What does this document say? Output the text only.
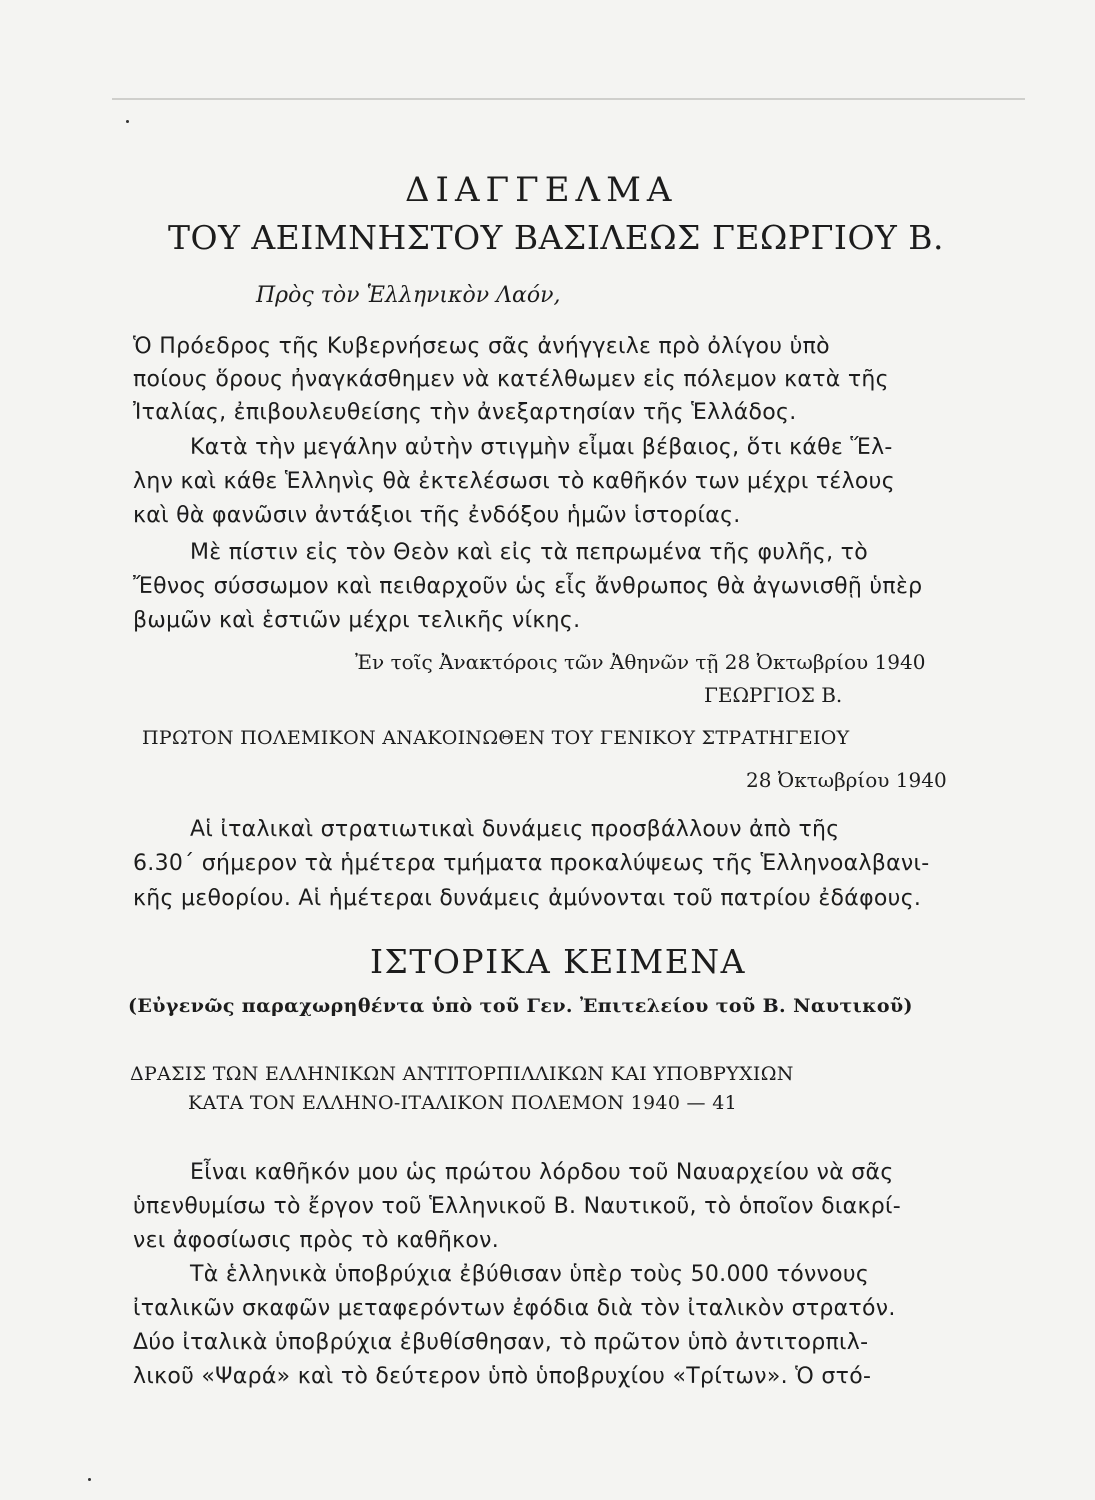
ΔΙΑΓΓΕΛΜΑ
ΤΟΥ ΑΕΙΜΝΗΣΤΟΥ ΒΑΣΙΛΕΩΣ ΓΕΩΡΓΙΟΥ Β.
Πρὸς τὸν Ἑλληνικὸν Λαόν,
Ὁ Πρόεδρος τῆς Κυβερνήσεως σᾶς ἀνήγγειλε πρὸ ὀλίγου ὑπὸ
ποίους ὅρους ἠναγκάσθημεν νὰ κατέλθωμεν εἰς πόλεμον κατὰ τῆς
Ἰταλίας, ἐπιβουλευθείσης τὴν ἀνεξαρτησίαν τῆς Ἑλλάδος.
Κατὰ τὴν μεγάλην αὐτὴν στιγμὴν εἶμαι βέβαιος, ὅτι κάθε Ἕλ-
λην καὶ κάθε Ἑλληνὶς θὰ ἐκτελέσωσι τὸ καθῆκόν των μέχρι τέλους
καὶ θὰ φανῶσιν ἀντάξιοι τῆς ἐνδόξου ἡμῶν ἱστορίας.
Μὲ πίστιν εἰς τὸν Θεὸν καὶ εἰς τὰ πεπρωμένα τῆς φυλῆς, τὸ
Ἔθνος σύσσωμον καὶ πειθαρχοῦν ὡς εἷς ἄνθρωπος θὰ ἀγωνισθῇ ὑπὲρ
βωμῶν καὶ ἑστιῶν μέχρι τελικῆς νίκης.
Ἐν τοῖς Ἀνακτόροις τῶν Ἀθηνῶν τῇ 28 Ὀκτωβρίου 1940
ΓΕΩΡΓΙΟΣ Β.
ΠΡΩΤΟΝ ΠΟΛΕΜΙΚΟΝ ΑΝΑΚΟΙΝΩΘΕΝ ΤΟΥ ΓΕΝΙΚΟΥ ΣΤΡΑΤΗΓΕΙΟΥ
28 Ὀκτωβρίου 1940
Αἱ ἰταλικαὶ στρατιωτικαὶ δυνάμεις προσβάλλουν ἀπὸ τῆς
6.30΄ σήμερον τὰ ἡμέτερα τμήματα προκαλύψεως τῆς Ἑλληνοαλβανι-
κῆς μεθορίου. Αἱ ἡμέτεραι δυνάμεις ἀμύνονται τοῦ πατρίου ἐδάφους.
ΙΣΤΟΡΙΚΑ ΚΕΙΜΕΝΑ
(Εὐγενῶς παραχωρηθέντα ὑπὸ τοῦ Γεν. Ἐπιτελείου τοῦ Β. Ναυτικοῦ)
ΔΡΑΣΙΣ ΤΩΝ ΕΛΛΗΝΙΚΩΝ ΑΝΤΙΤΟΡΠΙΛΛΙΚΩΝ ΚΑΙ ΥΠΟΒΡΥΧΙΩΝ
ΚΑΤΑ ΤΟΝ ΕΛΛΗΝΟ-ΙΤΑΛΙΚΟΝ ΠΟΛΕΜΟΝ 1940 — 41
Εἶναι καθῆκόν μου ὡς πρώτου λόρδου τοῦ Ναυαρχείου νὰ σᾶς
ὑπενθυμίσω τὸ ἔργον τοῦ Ἑλληνικοῦ Β. Ναυτικοῦ, τὸ ὁποῖον διακρί-
νει ἀφοσίωσις πρὸς τὸ καθῆκον.
Τὰ ἑλληνικὰ ὑποβρύχια ἐβύθισαν ὑπὲρ τοὺς 50.000 τόννους
ἰταλικῶν σκαφῶν μεταφερόντων ἐφόδια διὰ τὸν ἰταλικὸν στρατόν.
Δύο ἰταλικὰ ὑποβρύχια ἐβυθίσθησαν, τὸ πρῶτον ὑπὸ ἀντιτορπιλ-
λικοῦ «Ψαρά» καὶ τὸ δεύτερον ὑπὸ ὑποβρυχίου «Τρίτων». Ὁ στό-
